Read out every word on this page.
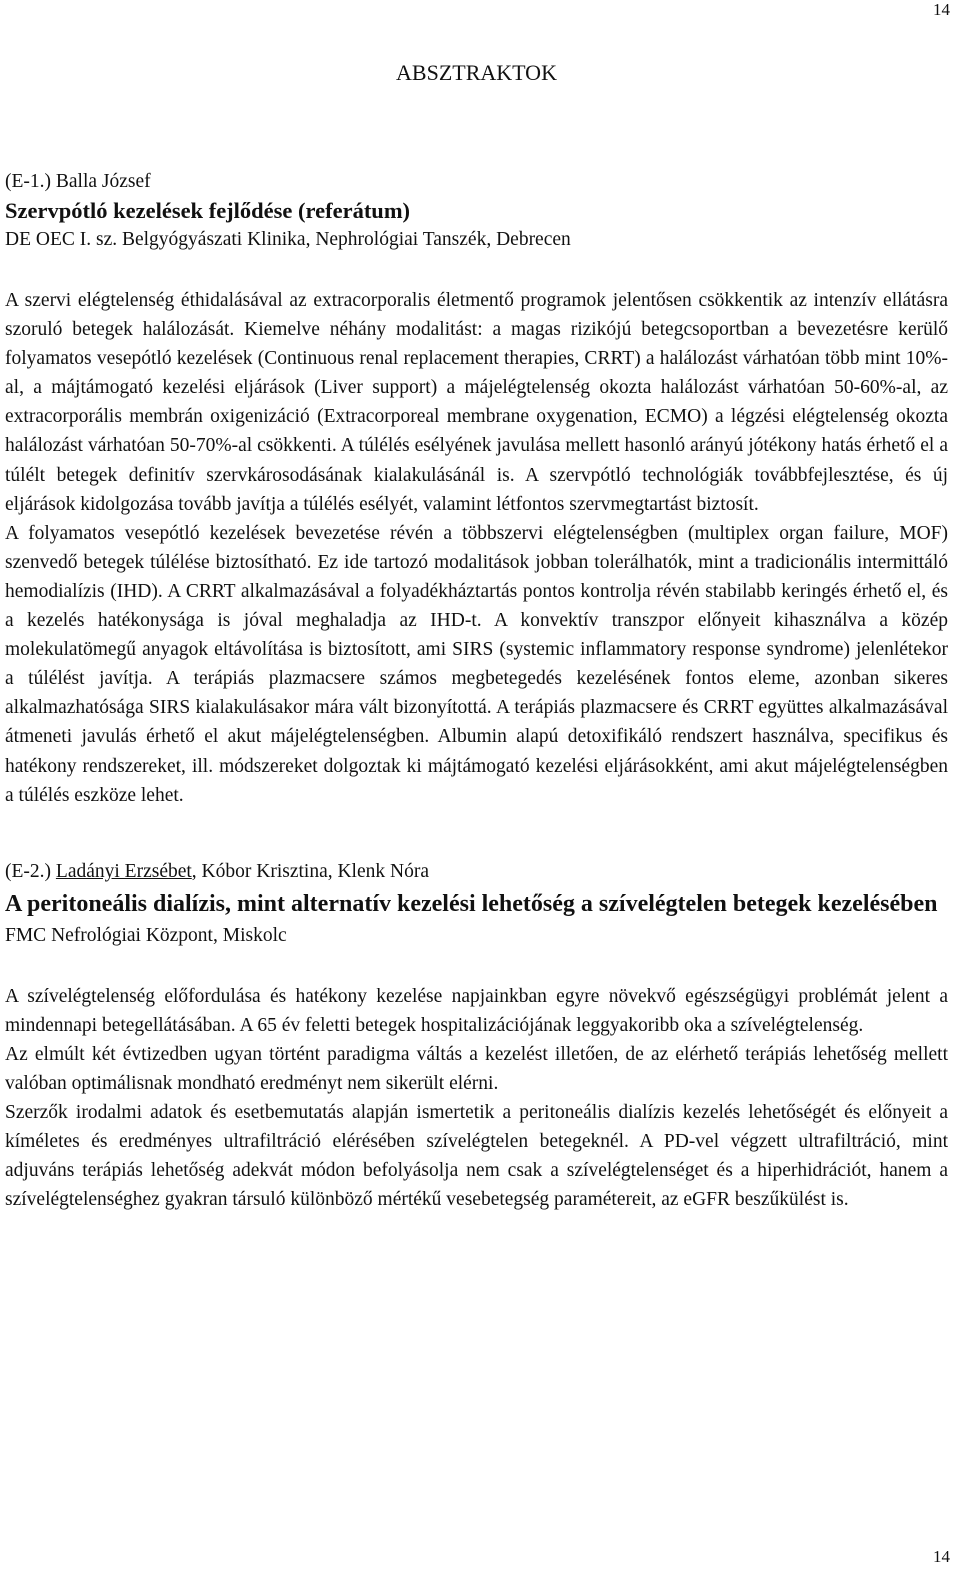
14
ABSZTRAKTOK

(E-1.) Balla József

Szervpótló kezelések fejlődése (referátum)

DE OEC I. sz. Belgyógyászati Klinika, Nephrológiai Tanszék, Debrecen

A szervi elégtelenség éthidalásával az extracorporalis életmentő programok jelentősen csökkentik az intenzív ellátásra szoruló betegek halálozását. Kiemelve néhány modalitást: a magas rizikójú betegcsoportban a bevezetésre kerülő folyamatos vesepótló kezelések (Continuous renal replacement therapies, CRRT) a halálozást várhatóan több mint 10%-al, a májtámogató kezelési eljárások (Liver support) a májelégtelenség okozta halálozást várhatóan 50-60%-al, az extracorporális membrán oxigenizáció (Extracorporeal membrane oxygenation, ECMO) a légzési elégtelenség okozta halálozást várhatóan 50-70%-al csökkenti. A túlélés esélyének javulása mellett hasonló arányú jótékony hatás érhető el a túlélt betegek definitív szervkárosodásának kialakulásánál is. A szervpótló technológiák továbbfejlesztése, és új eljárások kidolgozása tovább javítja a túlélés esélyét, valamint létfontos szervmegtartást biztosít.

A folyamatos vesepótló kezelések bevezetése révén a többszervi elégtelenségben (multiplex organ failure, MOF) szenvedő betegek túlélése biztosítható. Ez ide tartozó modalitások jobban tolerálhatók, mint a tradicionális intermittáló hemodialízis (IHD). A CRRT alkalmazásával a folyadékháztartás pontos kontrolja révén stabilabb keringés érhető el, és a kezelés hatékonysága is jóval meghaladja az IHD-t. A konvektív transzpor előnyeit kihasználva a közép molekulatömegű anyagok eltávolítása is biztosított, ami SIRS (systemic inflammatory response syndrome) jelenlétekor a túlélést javítja. A terápiás plazmacsere számos megbetegedés kezelésének fontos eleme, azonban sikeres alkalmazhatósága SIRS kialakulásakor mára vált bizonyítottá. A terápiás plazmacsere és CRRT együttes alkalmazásával átmeneti javulás érhető el akut májelégtelenségben. Albumin alapú detoxifikáló rendszert használva, specifikus és hatékony rendszereket, ill. módszereket dolgoztak ki májtámogató kezelési eljárásokként, ami akut májelégtelenségben a túlélés eszköze lehet.

(E-2.) Ladányi Erzsébet, Kóbor Krisztina, Klenk Nóra

A peritoneális dialízis, mint alternatív kezelési lehetőség a szívelégtelen betegek kezelésében

FMC Nefrológiai Központ, Miskolc

A szívelégtelenség előfordulása és hatékony kezelése napjainkban egyre növekvő egészségügyi problémát jelent a mindennapi betegellátásában. A 65 év feletti betegek hospitalizációjának leggyakoribb oka a szívelégtelenség.

Az elmúlt két évtizedben ugyan történt paradigma váltás a kezelést illetően, de az elérhető terápiás lehetőség mellett valóban optimálisnak mondható eredményt nem sikerült elérni.

Szerzők irodalmi adatok és esetbemutatás alapján ismertetik a peritoneális dialízis kezelés lehetőségét és előnyeit a kíméletes és eredményes ultrafiltráció elérésében szívelégtelen betegeknél. A PD-vel végzett ultrafiltráció, mint adjuváns terápiás lehetőség adekvát módon befolyásolja nem csak a szívelégtelenséget és a hiperhidrációt, hanem a szívelégtelenséghez gyakran társuló különböző mértékű vesebetegség paramétereit, az eGFR beszűkülést is.

14
